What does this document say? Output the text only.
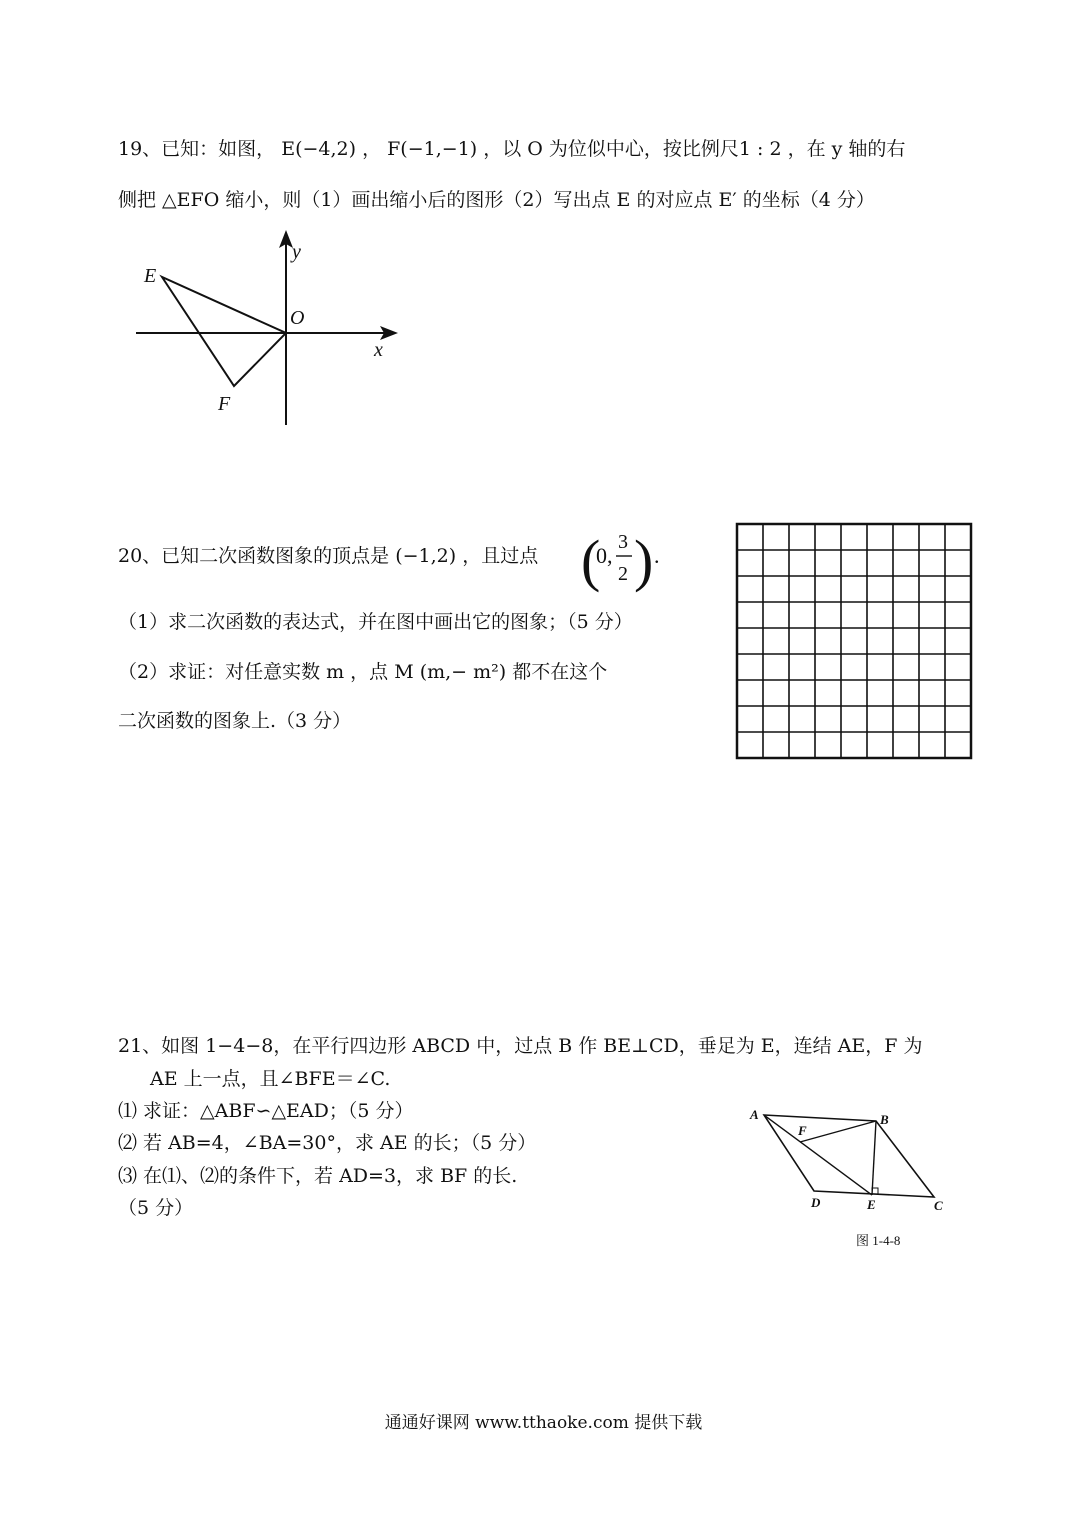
19、已知：如图， E(−4,2) ， F(−1,−1) ，以 O 为位似中心，按比例尺1 : 2 ，在 y 轴的右
侧把 △EFO 缩小，则（1）画出缩小后的图形（2）写出点 E 的对应点 E′ 的坐标（4 分）
E
F
O
x
y
20、已知二次函数图象的顶点是 (−1,2) ，且过点 (
0,
3
2 ) .
（1）求二次函数的表达式，并在图中画出它的图象；（5 分）
（2）求证：对任意实数 m ，点 M (m,− m²) 都不在这个
二次函数的图象上.（3 分）
21、如图 1−4−8，在平行四边形 ABCD 中，过点 B 作 BE⊥CD，垂足为 E，连结 AE，F 为
AE 上一点，且∠BFE＝∠C.
⑴ 求证：△ABF∽△EAD；（5 分）
⑵ 若 AB=4，∠BA=30°，求 AE 的长；（5 分）
⑶ 在⑴、⑵的条件下，若 AD=3，求 BF 的长.
（5 分）
A	B
C
D	E
F
图 1-4-8
通通好课网 www.tthaoke.com 提供下载
